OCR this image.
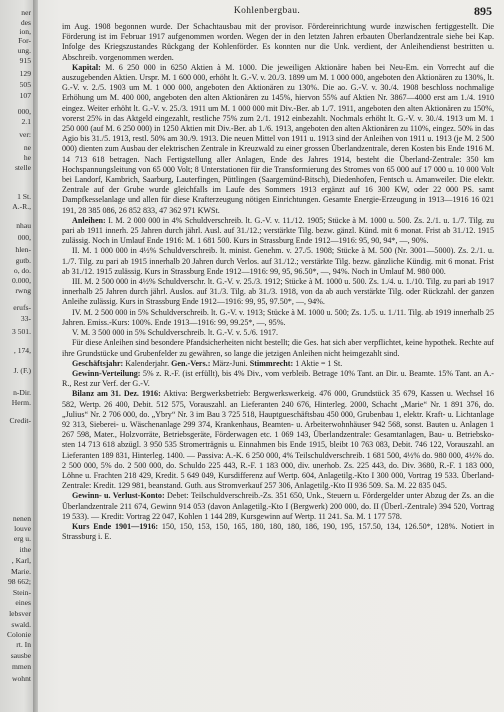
ner
des
ion,
For-
ung.
915
129
505
107
000,
2.1
ver:
ne
he
stelle
1 St.
A.-R.,
nhau
000,
hlen-
gutb.
o, do.
0.000,
rwng
erufs-
33-
3 501.
, 174,
J. (F.)
n-Dir.
Herm.
Credit-
nenen
louve
erg u.
ithe
, Karl,
Marie.
98 662;
Stein-
eines
lebsver
swald.
Colonie
rt. In
sausbe
mmen
wohnt
Kohlenbergbau.	895

im Aug. 1908 begonnen wurde. Der Schachtausbau mit der provisor. Fördereinrichtung wurde inzwischen fertiggestellt. Die Förderung ist im Februar 1917 aufgenommen worden. Wegen der in den letzten Jahren erbauten Überlandzentrale siehe bei Kap. Infolge des Kriegszustandes Rückgang der Kohlenförder. Es konnten nur die Unk. verdient, der Anleihendienst bestritten u. Abschreib. vorgenommen werden.

Kapital: M. 6 250 000 in 6250 Aktien à M. 1000. Die jeweiligen Aktionäre haben bei Neu-Em. ein Vorrecht auf die auszugebenden Aktien. Urspr. M. 1 600 000, erhöht lt. G.-V. v. 20./3. 1899 um M. 1 000 000, angeboten den Aktionären zu 130%, lt. G.-V. v. 2./5. 1903 um M. 1 000 000, angeboten den Aktionären zu 130%. Die ao. G.-V. v. 30./4. 1908 beschloss nochmalige Erhöhung um M. 400 000, angeboten den alten Aktionären zu 145%, hiervon 55% auf Aktien Nr. 3867—4000 erst am 1./4. 1910 eingez. Weiter erhöht lt. G.-V. v. 25./3. 1911 um M. 1 000 000 mit Div.-Ber. ab 1./7. 1911, angeboten den alten Aktionären zu 150%, vorerst 25% in das Aktgeld eingezahlt, restliche 75% zum 2./1. 1912 einbezahlt. Nochmals erhöht lt. G.-V. v. 30./4. 1913 um M. 1 250 000 (auf M. 6 250 000) in 1250 Aktien mit Div.-Ber. ab 1./6. 1913, angeboten den alten Aktionären zu 110%, eingez. 50% in das Agio bis 31./5. 1913, restl. 50% am 30./9. 1913. Die neuen Mittel von 1911 u. 1913 sind der Anleihen von 1911 u. 1913 (je M. 2 500 000) dienten zum Ausbau der elektrischen Zentrale in Kreuzwald zu einer grossen Überlandzentrale, deren Kosten bis Ende 1916 M. 14 713 618 betragen. Nach Fertigstellung aller Anlagen, Ende des Jahres 1914, besteht die Überland-Zentrale: 350 km Hochspannungsleitung von 65 000 Volt; 8 Unterstationen für die Transformierung des Stromes von 65 000 auf 17 000 u. 10 000 Volt bei Landorf, Kambrich, Saarburg, Lauterfingen, Püttlingen (Saargemünd-Bitsch), Diedenhofen, Fentsch u. Amanweiler. Die elektr. Zentrale auf der Grube wurde gleichfalls im Laufe des Sommers 1913 ergänzt auf 16 300 KW, oder 22 000 PS. samt Dampfkesselanlage und allen für diese Krafterzeugung nötigen Einrichtungen. Gesamte Energie-Erzeugung in 1913—1916 16 021 191, 28 385 086, 26 852 833, 47 362 971 KWSt.

Anleihen: I. M. 2 000 000 in 4% Schuldverschreib. lt. G.-V. v. 11./12. 1905; Stücke à M. 1000 u. 500. Zs. 2./1. u. 1./7. Tilg. zu pari ab 1911 innerh. 25 Jahren durch jährl. Ausl. auf 31./12.; verstärkte Tilg. bezw. gänzl. Künd. mit 6 monat. Frist ab 31./12. 1915 zulässig. Noch in Umlauf Ende 1916: M. 1 681 500. Kurs in Strassburg Ende 1912—1916: 95, 90, 94*, —, 90%.

II. M. 1 000 000 in 4½% Schuldverschreib. lt. minist. Genehm. v. 27./5. 1908; Stücke à M. 500 (Nr. 3001—5000). Zs. 2./1. u. 1./7. Tilg. zu pari ab 1915 innerhalb 20 Jahren durch Verlos. auf 31./12.; verstärkte Tilg. bezw. gänzliche Kündig. mit 6 monat. Frist ab 31./12. 1915 zulässig. Kurs in Strassburg Ende 1912—1916: 99, 95, 96.50*, —, 94%. Noch in Umlauf M. 980 000.

III. M. 2 500 000 in 4½% Schuldverschr. lt. G.-V. v. 25./3. 1912; Stücke à M. 1000 u. 500. Zs. 1./4. u. 1./10. Tilg. zu pari ab 1917 innerhalb 25 Jahren durch jährl. Auslos. auf 31./3. Tilg. ab 31./3. 1918, von da ab auch verstärkte Tilg. oder Rückzahl. der ganzen Anleihe zulässig. Kurs in Strassburg Ende 1912—1916: 99, 95, 97.50*, —, 94%.

IV. M. 2 500 000 in 5% Schuldverschreib. lt. G.-V. v. 1913; Stücke à M. 1000 u. 500; Zs. 1./5. u. 1./11. Tilg. ab 1919 innerhalb 25 Jahren. Emiss.-Kurs: 100%. Ende 1913—1916: 99, 99.25*, —, 95%.

V. M. 3 500 000 in 5% Schuldverschreib. lt. G.-V. v. 5./6. 1917.

Für diese Anleihen sind besondere Pfandsicherheiten nicht bestellt; die Ges. hat sich aber verpflichtet, keine hypothek. Rechte auf ihre Grundstücke und Grubenfelder zu gewähren, so lange die jetzigen Anleihen nicht heimgezahlt sind.

Geschäftsjahr: Kalenderjahr. Gen.-Vers.: März-Juni. Stimmrecht: 1 Aktie = 1 St.

Gewinn-Verteilung: 5% z. R.-F. (ist erfüllt), bis 4% Div., vom verbleib. Betrage 10% Tant. an Dir. u. Beamte. 15% Tant. an A.-R., Rest zur Verf. der G.-V.

Bilanz am 31. Dez. 1916: Aktiva: Bergwerksbetrieb: Bergwerkswerkeig. 476 000, Grundstück 35 679, Kassen u. Wechsel 16 582, Wertp. 26 400, Debit. 512 575, Vorauszahl. an Lieferanten 240 676, Hinterleg. 2000, Schacht „Marie“ Nr. 1 891 376, do. „Julius“ Nr. 2 706 000, do. „Ybry“ Nr. 3 im Bau 3 725 518, Hauptgueschäftsbau 450 000, Grubenbau 1, elektr. Kraft- u. Lichtanlage 92 313, Sieberei- u. Wäschenanlage 299 374, Krankenhaus, Beamten- u. Arbeiterwohnhäuser 942 568, sonst. Bauten u. Anlagen 1 267 598, Mater., Holzvorräte, Betriebsgeräte, Förderwagen etc. 1 069 143, Überlandzentrale: Gesamtanlagen, Bau- u. Betriebsko- sten 14 713 618 abzügl. 3 950 535 Stromerträgnis u. Einnahmen bis Ende 1915, bleibt 10 763 083, Debit. 746 122, Vorauszahl. an Lieferanten 189 831, Hinterleg. 1400. — Passiva: A.-K. 6 250 000, 4% Teilschuldverschreib. 1 681 500, 4½% do. 980 000, 4½% do. 2 500 000, 5% do. 2 500 000, do. Schuldo 225 443, R.-F. 1 183 000, div. unerhob. Zs. 225 443, do. Div. 3680, R.-F. 1 183 000, Löhne u. Frachten 218 429, Kredit. 5 649 049, Kursdifferenz auf Wertp. 604, Anlagetilg.-Kto I 300 000, Vortrag 19 533. Überland-Zentrale: Kredit. 129 981, beanstand. Guth. aus Stromverkauf 257 306, Anlagetilg.-Kto II 936 509. Sa. M. 22 835 045.

Gewinn- u. Verlust-Konto: Debet: Teilschuldverschreib.-Zs. 351 650, Unk., Steuern u. Fördergelder unter Abzug der Zs. an die Überlandzentrale 211 674, Gewinn 914 053 (davon Anlagetilg.-Kto I (Bergwerk) 200 000, do. II (Überl.-Zentrale) 394 520, Vortrag 19 533). — Kredit: Vortrag 22 047, Kohlen 1 144 289, Kursgewinn auf Wertp. 11 241. Sa. M. 1 177 578.

Kurs Ende 1901—1916: 150, 150, 153, 150, 165, 180, 180, 180, 186, 190, 195, 157.50, 134, 126.50*, 128%. Notiert in Strassburg i. E.
